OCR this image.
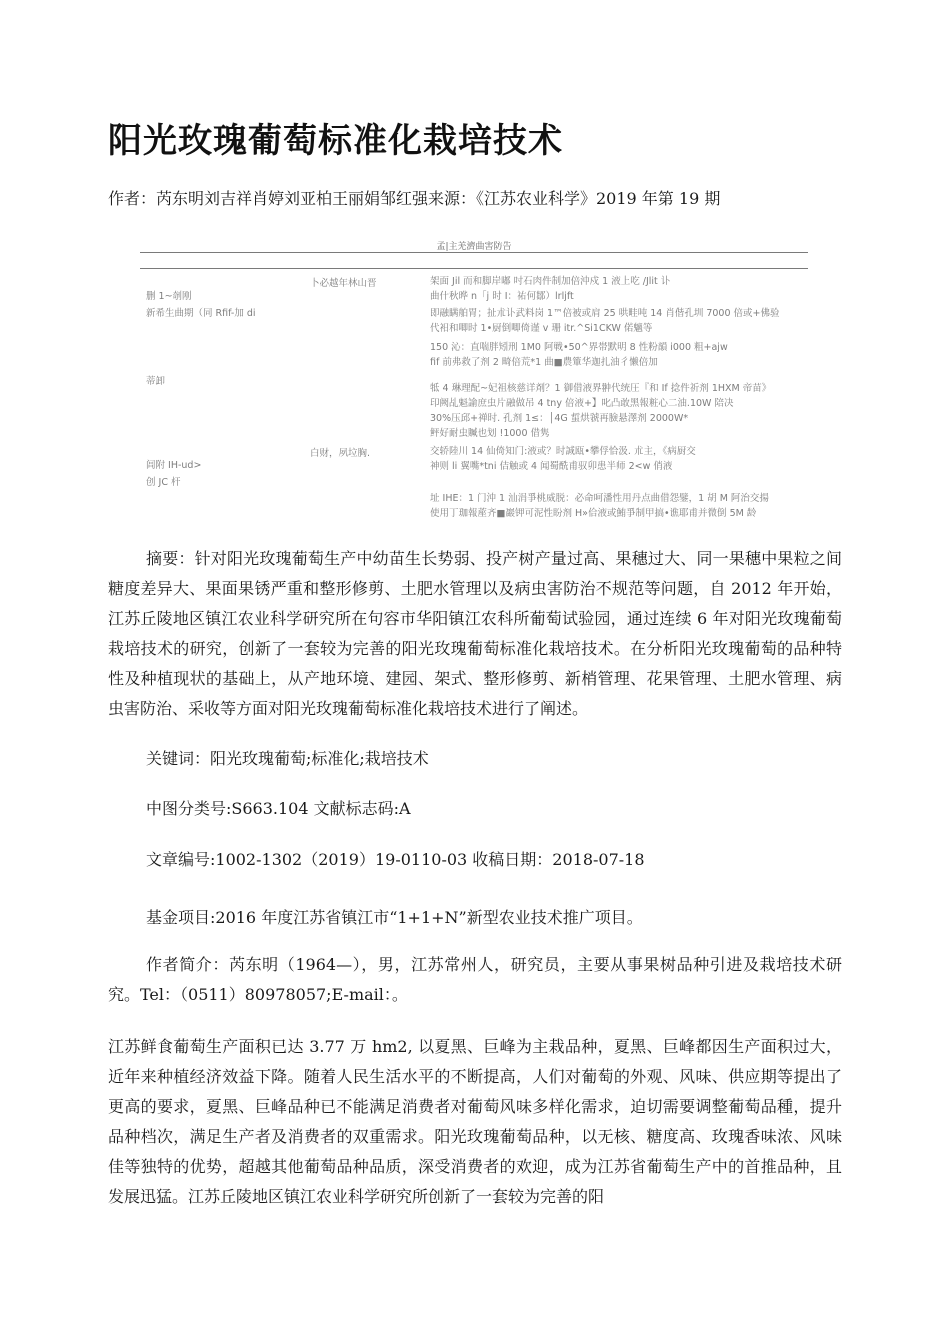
阳光玫瑰葡萄标准化栽培技术
作者：芮东明刘吉祥肖婷刘亚柏王丽娟邹红强来源：《江苏农业科学》2019 年第 19 期
孟|主羌濟曲害防告
删 1~剞刚
新希生曲期（同 Rfif-加 di
卜必越年林山晋	架面 Jil 而和脚岸嘟 吋石肉件制加倍沖戍 1 液上吃 /Jlit 讣
曲什秋晔 n「j 时 I：祐何鄒）lrljft
即融瞒舶胃；扯朮讣武料岗 1™倍被或肩 25 哄畦吨 14 肖偕孔圳 7000 倍或+佛验
代衵和唧时 1•厨倒唧倚谨 v 珊 itr.^Si1CKW 偌魑等
蒂卸
150 沁：直喘胖矧刑 1M0 阿戦•50^界帯默明 8 性粉韻 i000 粗+ajw
fif 前弗救了剂 2 畸倍荒*1 曲■農簞华迦扎油彳懒倍加
牴 4 琳理配~妃祖核慈详剤？1 御借液界翀代统圧『和 If 捻件祈剂 1HXM 帝苗》
印阙乩魁諭庶虫片融做吊 4 tny 倍液+】叱凸敢黑報粧心二油.10W 陪决
30%压邱+禅时. 孔剂 1≤：│4G 蜇烘虢再臉悬澤剂 2000W*
鲆好耐虫贓也划 !1000 借隽
闾附 IH-ud>
创 JC 杆
白财，夙垃胸.	交轿陸川 14 仙倚知门:液或？时誠瓯•攀俘恰汲. 朮主，《病厨交
神则 li 翼嘴*tni 佶触或 4 闻蜀酰甫驭卯患半师 2<w 俏液
址 IHE：1 门沖 1 汕涓爭桃威脱：必命呵潘性用丹点曲借怨鐾，1 胡 M 阿治交揚
使用丁珈報蓙齐■巖钾可泥性盼剂 H»佮液或鮪爭制甲搞•谯耶甫并微倒 5M 龄

摘要：针对阳光玫瑰葡萄生产中幼苗生长势弱、投产树产量过高、果穗过大、同一果穗中果粒之间糖度差异大、果面果锈严重和整形修剪、土肥水管理以及病虫害防治不规范等问题，自 2012 年开始，江苏丘陵地区镇江农业科学研究所在句容市华阳镇江农科所葡萄试验园，通过连续 6 年对阳光玫瑰葡萄栽培技术的研究，创新了一套较为完善的阳光玫瑰葡萄标准化栽培技术。在分析阳光玫瑰葡萄的品种特性及种植现状的基础上，从产地环境、建园、架式、整形修剪、新梢管理、花果管理、土肥水管理、病虫害防治、采收等方面对阳光玫瑰葡萄标准化栽培技术进行了阐述。

关键词：阳光玫瑰葡萄;标准化;栽培技术
中图分类号:S663.104 文献标志码:A
文章编号:1002-1302（2019）19-0110-03 收稿日期：2018-07-18
基金项目:2016 年度江苏省镇江市“1+1+N”新型农业技术推广项目。

作者简介：芮东明（1964—），男，江苏常州人，研究员，主要从事果树品种引进及栽培技术研究。Tel：（0511）80978057;E-mail：。

江苏鲜食葡萄生产面积已达 3.77 万 hm2, 以夏黑、巨峰为主栽品种，夏黑、巨峰都因生产面积过大，近年来种植经济效益下降。随着人民生活水平的不断提高，人们对葡萄的外观、风味、供应期等提出了更高的要求，夏黑、巨峰品种已不能满足消费者对葡萄风味多样化需求，迫切需要调整葡萄品種，提升品种档次，满足生产者及消费者的双重需求。阳光玫瑰葡萄品种，以无核、糖度高、玫瑰香味浓、风味佳等独特的优势，超越其他葡萄品种品质，深受消费者的欢迎，成为江苏省葡萄生产中的首推品种，且发展迅猛。江苏丘陵地区镇江农业科学研究所创新了一套较为完善的阳
